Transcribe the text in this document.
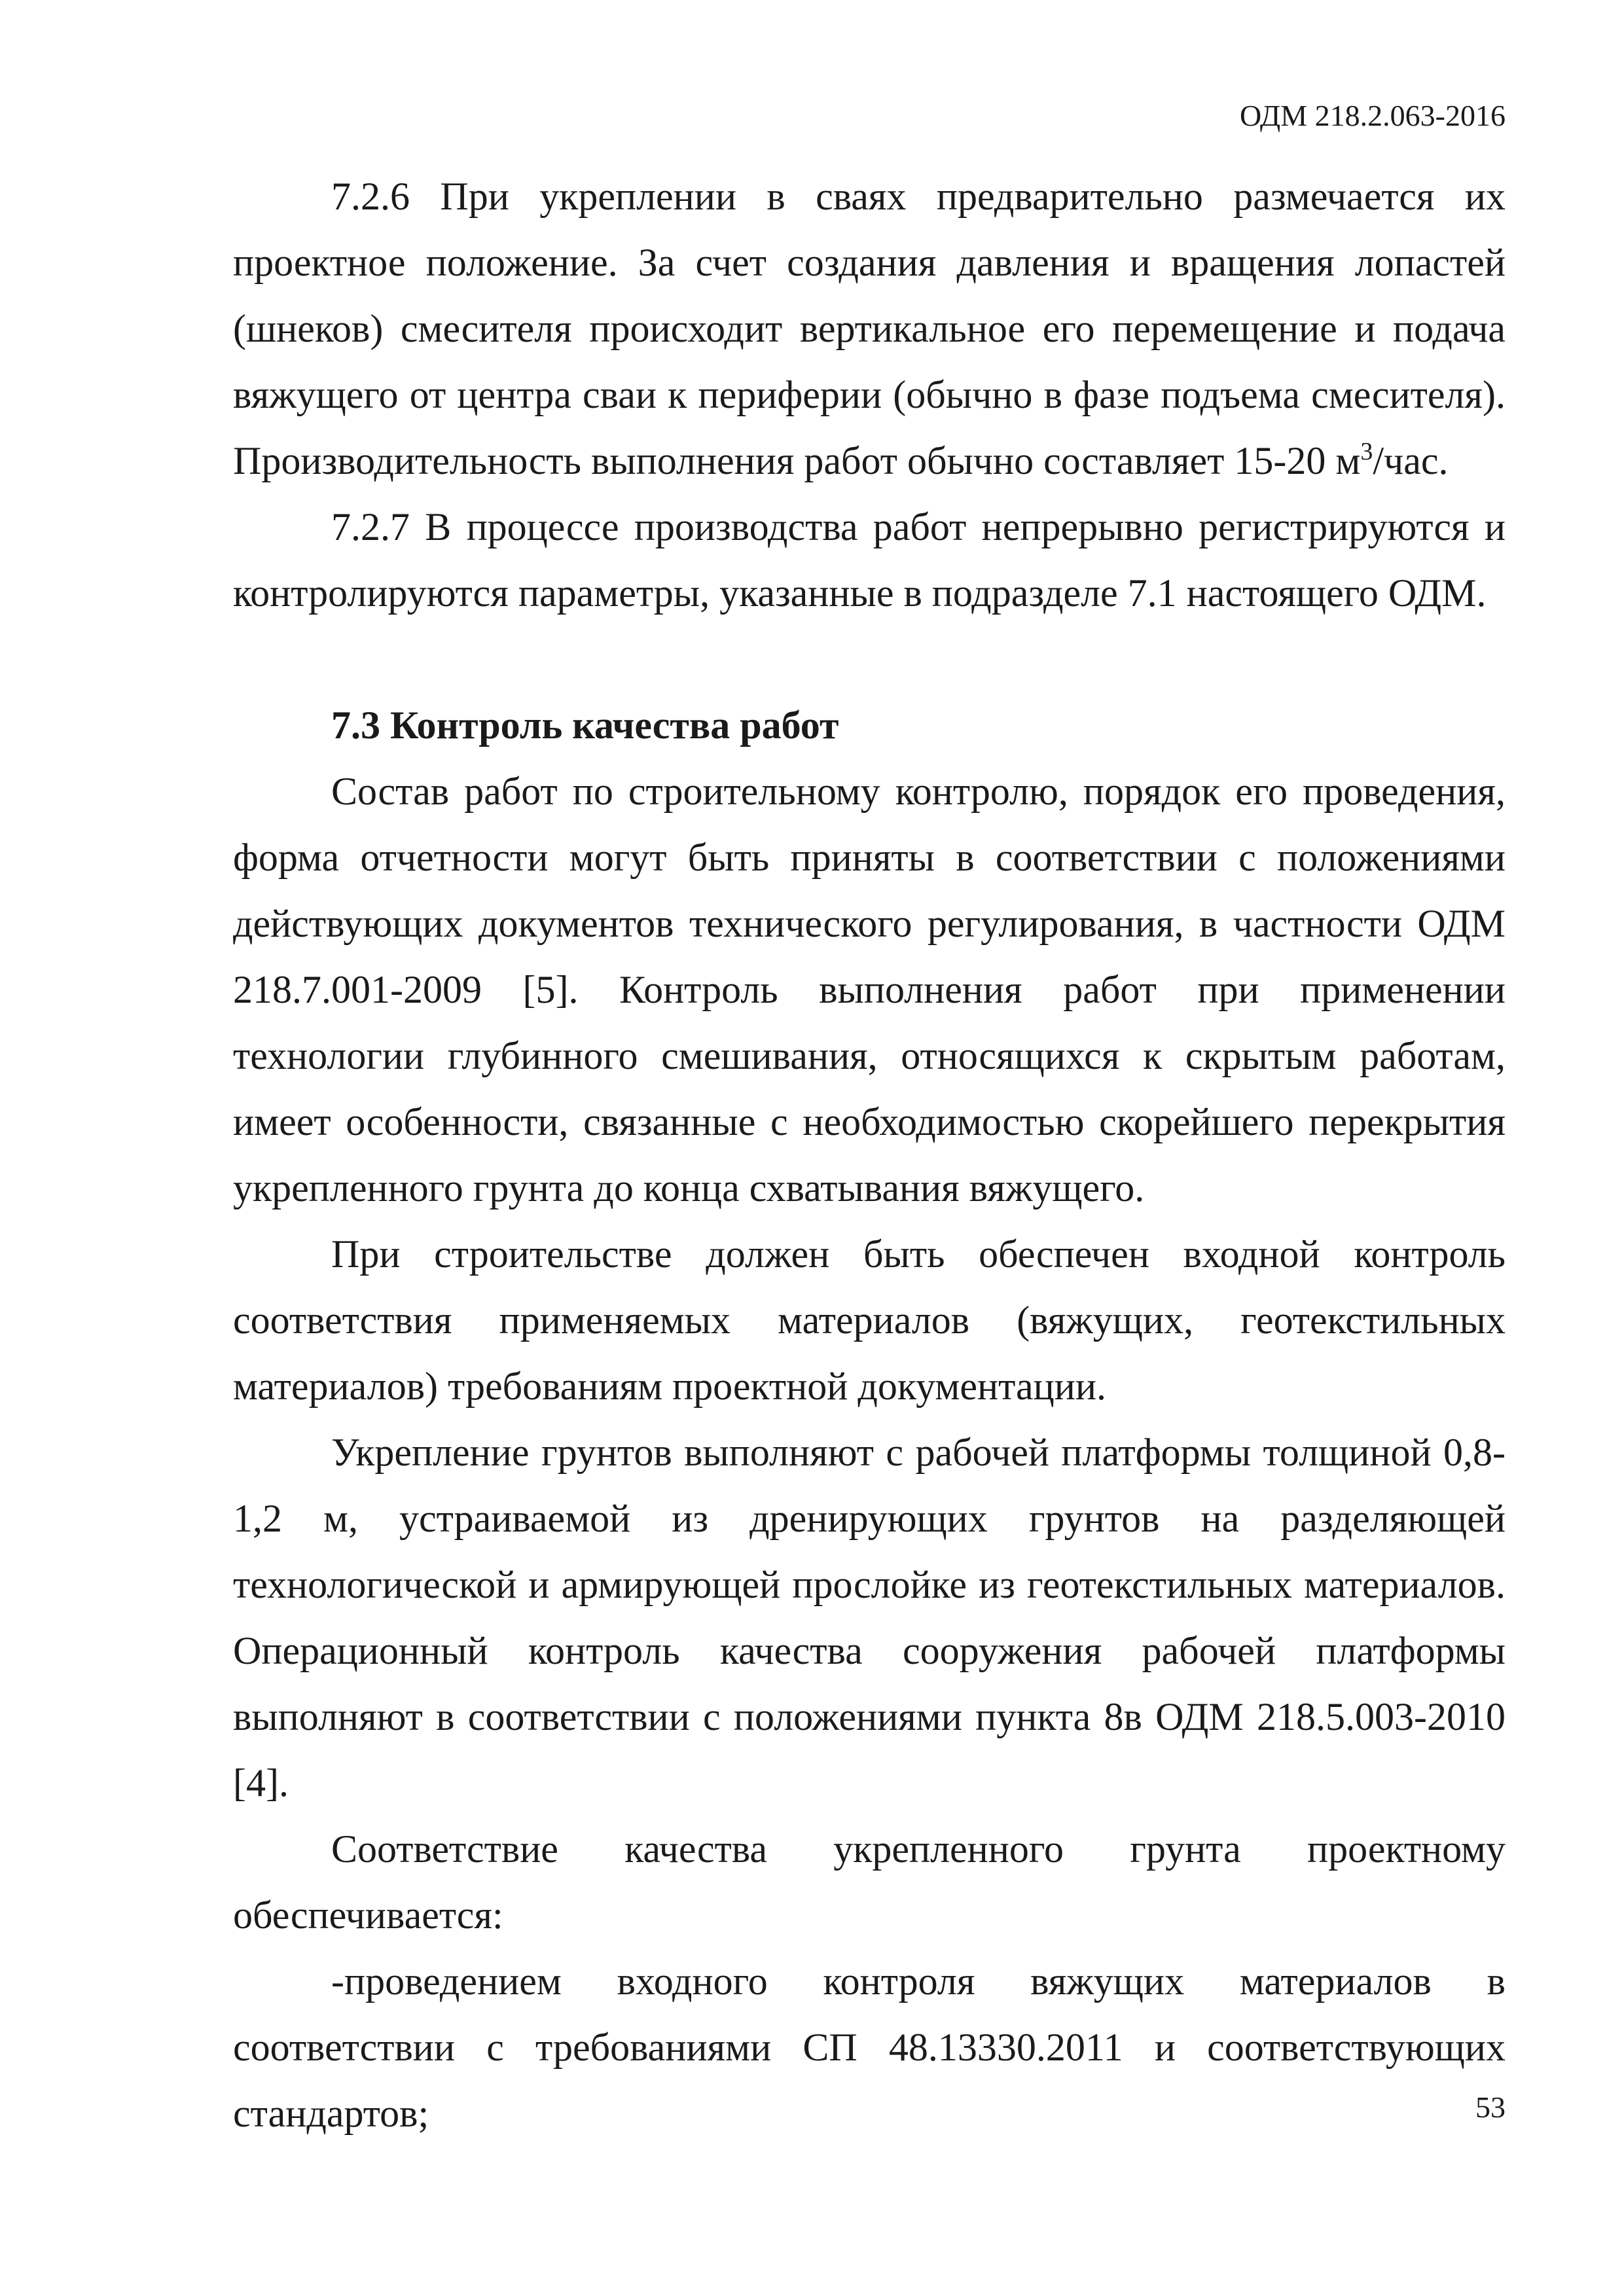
ОДМ 218.2.063-2016

7.2.6 При укреплении в сваях предварительно размечается их проектное положение. За счет создания давления и вращения лопастей (шнеков) смесителя происходит вертикальное его перемещение и подача вяжущего от центра сваи к периферии (обычно в фазе подъема смесителя). Производительность выполнения работ обычно составляет 15-20 $м^3$/час.

7.2.7 В процессе производства работ непрерывно регистрируются и контролируются параметры, указанные в подразделе 7.1 настоящего ОДМ.

7.3 Контроль качества работ

Состав работ по строительному контролю, порядок его проведения, форма отчетности могут быть приняты в соответствии с положениями действующих документов технического регулирования, в частности ОДМ 218.7.001-2009 [5]. Контроль выполнения работ при применении технологии глубинного смешивания, относящихся к скрытым работам, имеет особенности, связанные с необходимостью скорейшего перекрытия укрепленного грунта до конца схватывания вяжущего.

При строительстве должен быть обеспечен входной контроль соответствия применяемых материалов (вяжущих, геотекстильных материалов) требованиям проектной документации.

Укрепление грунтов выполняют с рабочей платформы толщиной 0,8-1,2 м, устраиваемой из дренирующих грунтов на разделяющей технологической и армирующей прослойке из геотекстильных материалов. Операционный контроль качества сооружения рабочей платформы выполняют в соответствии с положениями пункта 8в ОДМ 218.5.003-2010 [4].

Соответствие качества укрепленного грунта проектному обеспечивается:

-проведением входного контроля вяжущих материалов в соответствии с требованиями СП 48.13330.2011 и соответствующих стандартов;	53
